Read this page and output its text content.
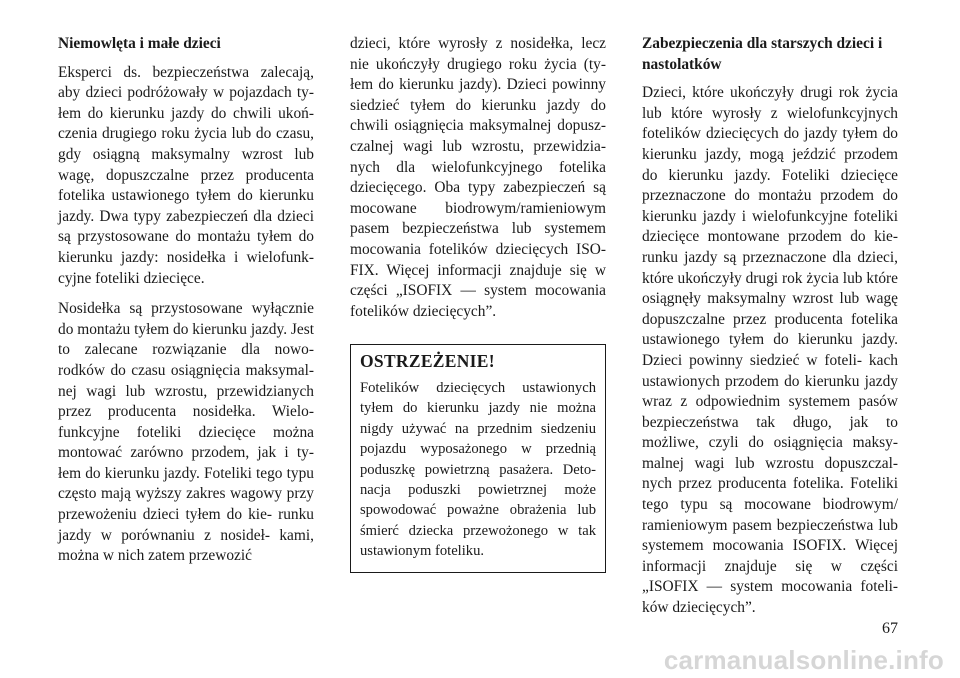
Niemowlęta i małe dzieci

Eksperci ds. bezpieczeństwa zalecają, aby dzieci podróżowały w pojazdach ty- łem do kierunku jazdy do chwili ukoń- czenia drugiego roku życia lub do czasu, gdy osiągną maksymalny wzrost lub wagę, dopuszczalne przez producenta fotelika ustawionego tyłem do kierunku jazdy. Dwa typy zabezpieczeń dla dzieci są przystosowane do montażu tyłem do kierunku jazdy: nosidełka i wielofunk- cyjne foteliki dziecięce.

Nosidełka są przystosowane wyłącznie do montażu tyłem do kierunku jazdy. Jest to zalecane rozwiązanie dla nowo- rodków do czasu osiągnięcia maksymal- nej wagi lub wzrostu, przewidzianych przez producenta nosidełka. Wielo- funkcyjne foteliki dziecięce można montować zarówno przodem, jak i ty- łem do kierunku jazdy. Foteliki tego typu często mają wyższy zakres wagowy przy przewożeniu dzieci tyłem do kie- runku jazdy w porównaniu z nosideł- kami, można w nich zatem przewozić

dzieci, które wyrosły z nosidełka, lecz nie ukończyły drugiego roku życia (ty- łem do kierunku jazdy). Dzieci powinny siedzieć tyłem do kierunku jazdy do chwili osiągnięcia maksymalnej dopusz- czalnej wagi lub wzrostu, przewidzia- nych dla wielofunkcyjnego fotelika dziecięcego. Oba typy zabezpieczeń są mocowane biodrowym/ramieniowym pasem bezpieczeństwa lub systemem mocowania fotelików dziecięcych ISO- FIX. Więcej informacji znajduje się w części „ISOFIX — system mocowania fotelików dziecięcych”.

OSTRZEŻENIE!

Fotelików dziecięcych ustawionych tyłem do kierunku jazdy nie można nigdy używać na przednim siedzeniu pojazdu wyposażonego w przednią poduszkę powietrzną pasażera. Deto- nacja poduszki powietrznej może spowodować poważne obrażenia lub śmierć dziecka przewożonego w tak ustawionym foteliku.

Zabezpieczenia dla starszych dzieci i nastolatków

Dzieci, które ukończyły drugi rok życia lub które wyrosły z wielofunkcyjnych fotelików dziecięcych do jazdy tyłem do kierunku jazdy, mogą jeździć przodem do kierunku jazdy. Foteliki dziecięce przeznaczone do montażu przodem do kierunku jazdy i wielofunkcyjne foteliki dziecięce montowane przodem do kie- runku jazdy są przeznaczone dla dzieci, które ukończyły drugi rok życia lub które osiągnęły maksymalny wzrost lub wagę dopuszczalne przez producenta fotelika ustawionego tyłem do kierunku jazdy. Dzieci powinny siedzieć w foteli- kach ustawionych przodem do kierunku jazdy wraz z odpowiednim systemem pasów bezpieczeństwa tak długo, jak to możliwe, czyli do osiągnięcia maksy- malnej wagi lub wzrostu dopuszczal- nych przez producenta fotelika. Foteliki tego typu są mocowane biodrowym/ ramieniowym pasem bezpieczeństwa lub systemem mocowania ISOFIX. Więcej informacji znajduje się w części „ISOFIX — system mocowania foteli- ków dziecięcych”.

67
carmanualsonline.info
